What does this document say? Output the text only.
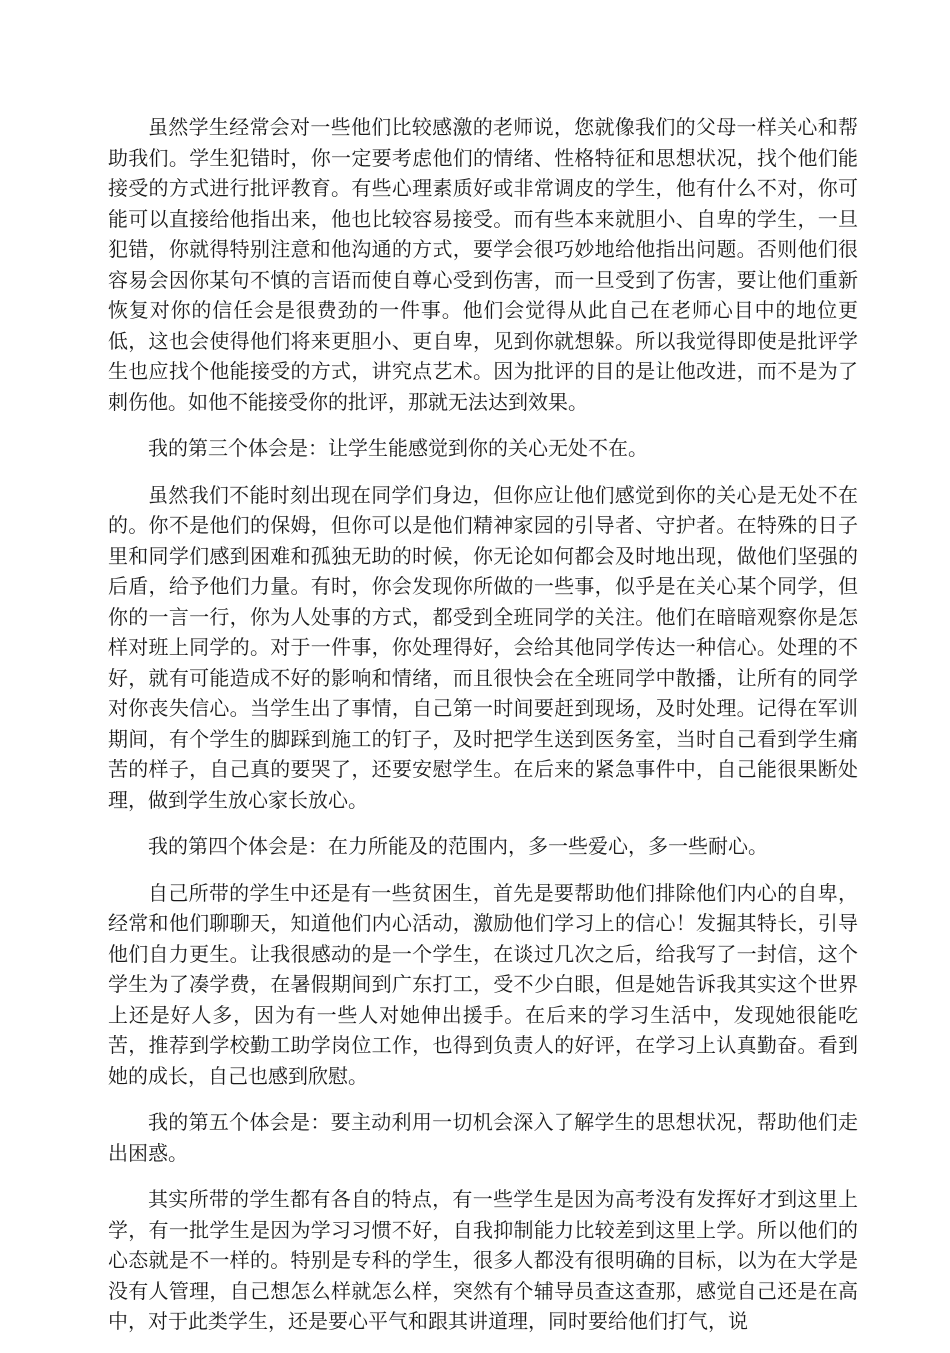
虽然学生经常会对一些他们比较感激的老师说，您就像我们的父母一样关心和帮助我们。学生犯错时，你一定要考虑他们的情绪、性格特征和思想状况，找个他们能接受的方式进行批评教育。有些心理素质好或非常调皮的学生，他有什么不对，你可能可以直接给他指出来，他也比较容易接受。而有些本来就胆小、自卑的学生，一旦犯错，你就得特别注意和他沟通的方式，要学会很巧妙地给他指出问题。否则他们很容易会因你某句不慎的言语而使自尊心受到伤害，而一旦受到了伤害，要让他们重新恢复对你的信任会是很费劲的一件事。他们会觉得从此自己在老师心目中的地位更低，这也会使得他们将来更胆小、更自卑，见到你就想躲。所以我觉得即使是批评学生也应找个他能接受的方式，讲究点艺术。因为批评的目的是让他改进，而不是为了刺伤他。如他不能接受你的批评，那就无法达到效果。

我的第三个体会是：让学生能感觉到你的关心无处不在。

虽然我们不能时刻出现在同学们身边，但你应让他们感觉到你的关心是无处不在的。你不是他们的保姆，但你可以是他们精神家园的引导者、守护者。在特殊的日子里和同学们感到困难和孤独无助的时候，你无论如何都会及时地出现，做他们坚强的后盾，给予他们力量。有时，你会发现你所做的一些事，似乎是在关心某个同学，但你的一言一行，你为人处事的方式，都受到全班同学的关注。他们在暗暗观察你是怎样对班上同学的。对于一件事，你处理得好，会给其他同学传达一种信心。处理的不好，就有可能造成不好的影响和情绪，而且很快会在全班同学中散播，让所有的同学对你丧失信心。当学生出了事情，自己第一时间要赶到现场，及时处理。记得在军训期间，有个学生的脚踩到施工的钉子，及时把学生送到医务室，当时自己看到学生痛苦的样子，自己真的要哭了，还要安慰学生。在后来的紧急事件中，自己能很果断处理，做到学生放心家长放心。

我的第四个体会是：在力所能及的范围内，多一些爱心，多一些耐心。

自己所带的学生中还是有一些贫困生，首先是要帮助他们排除他们内心的自卑，经常和他们聊聊天，知道他们内心活动，激励他们学习上的信心！发掘其特长，引导他们自力更生。让我很感动的是一个学生，在谈过几次之后，给我写了一封信，这个学生为了凑学费，在暑假期间到广东打工，受不少白眼，但是她告诉我其实这个世界上还是好人多，因为有一些人对她伸出援手。在后来的学习生活中，发现她很能吃苦，推荐到学校勤工助学岗位工作，也得到负责人的好评，在学习上认真勤奋。看到她的成长，自己也感到欣慰。

我的第五个体会是：要主动利用一切机会深入了解学生的思想状况，帮助他们走出困惑。

其实所带的学生都有各自的特点，有一些学生是因为高考没有发挥好才到这里上学，有一批学生是因为学习习惯不好，自我抑制能力比较差到这里上学。所以他们的心态就是不一样的。特别是专科的学生，很多人都没有很明确的目标，以为在大学是没有人管理，自己想怎么样就怎么样，突然有个辅导员查这查那，感觉自己还是在高中，对于此类学生，还是要心平气和跟其讲道理，同时要给他们打气，说
